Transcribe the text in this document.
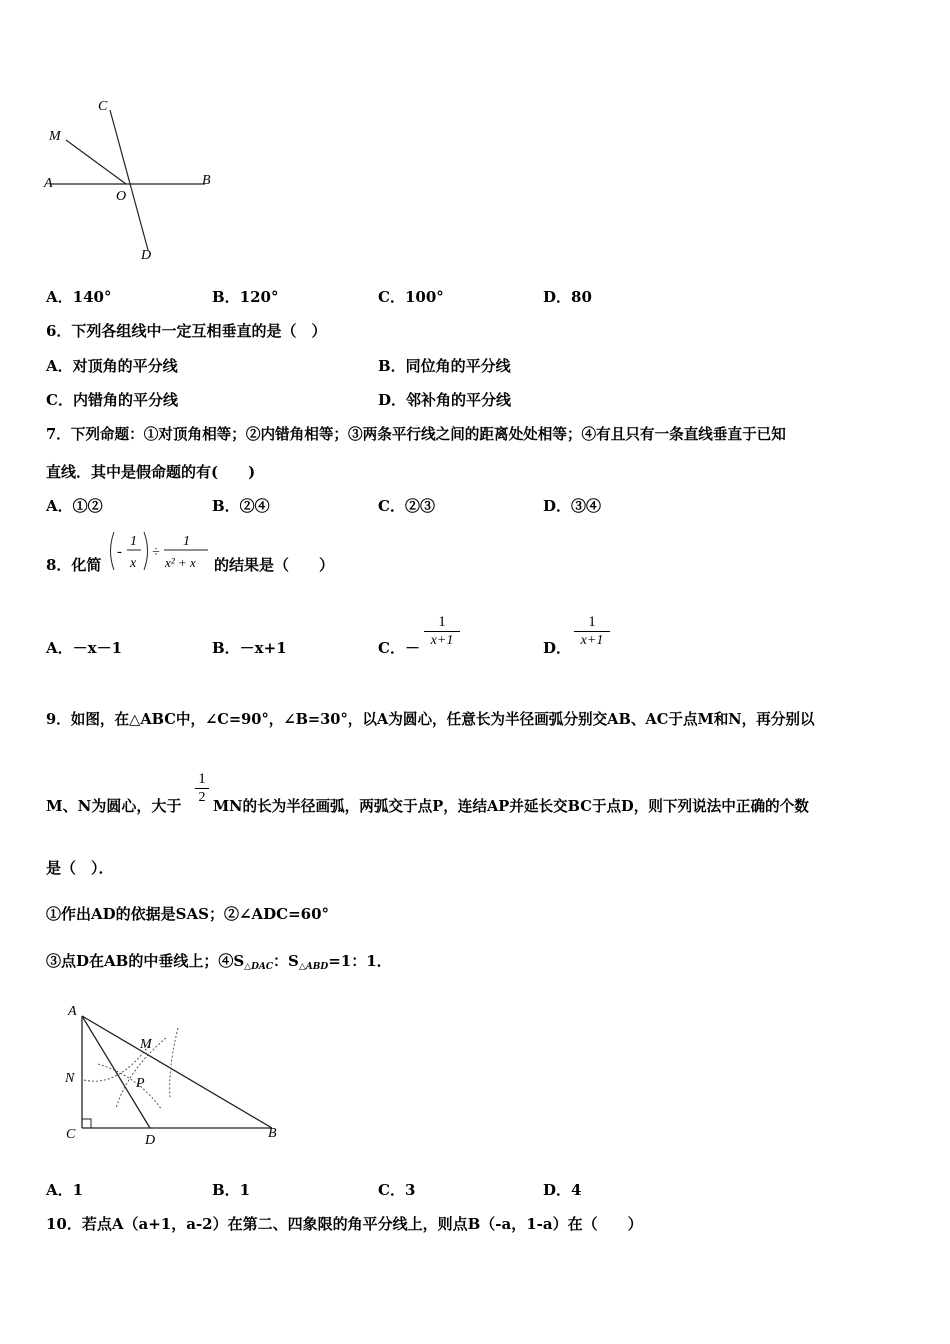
C
M
A	B
O
D
A．140°	B．120°	C．100°	D．80
6．下列各组线中一定互相垂直的是（　）
A．对顶角的平分线	B．同位角的平分线
C．内错角的平分线	D．邻补角的平分线
7．下列命题：①对顶角相等；②内错角相等；③两条平行线之间的距离处处相等；④有且只有一条直线垂直于已知
直线．其中是假命题的有(　　)
A．①②	B．②④	C．②③	D．③④
8．化简
-
1
x
÷
1
x² + x 的结果是（　　）
A．－x－1	B．－x+1	C．－
1
x+1	D．
1
x+1
9．如图，在△ABC中，∠C=90°，∠B=30°，以A为圆心，任意长为半径画弧分别交AB、AC于点M和N，再分别以
M、N为圆心，大于
1
2
MN的长为半径画弧，两弧交于点P，连结AP并延长交BC于点D，则下列说法中正确的个数
是（　）．
①作出AD的依据是SAS；②∠ADC=60°
③点D在AB的中垂线上；$④S_{\triangle DAC}$：$S_{\triangle ABD}=1$：1．
A
M
N	P
C	D	B
A．1	B．1	C．3	D．4
10．若点A（a+1，a-2）在第二、四象限的角平分线上，则点B（-a，1-a）在（　　）
